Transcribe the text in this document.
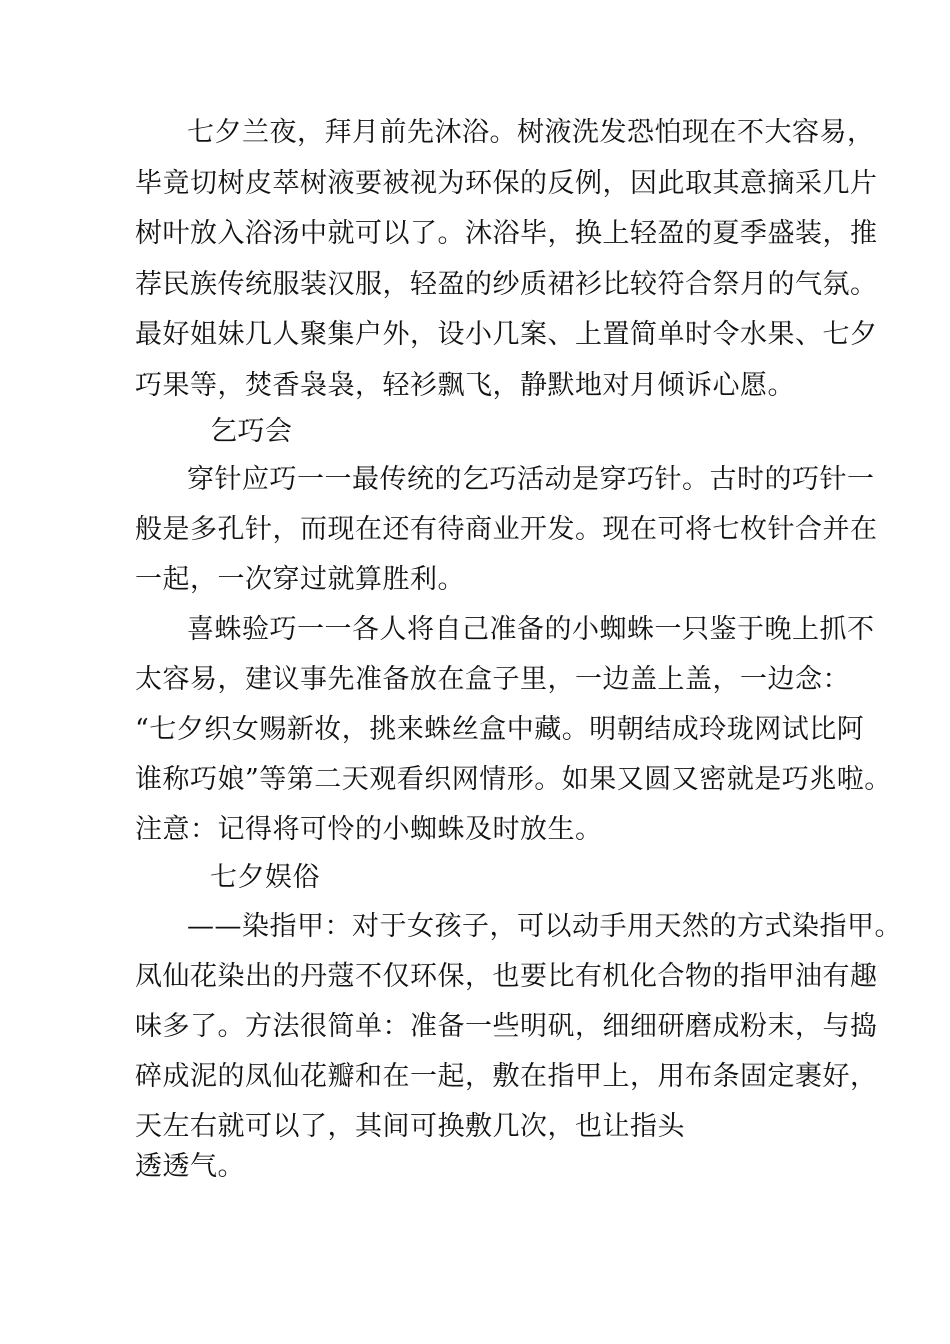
七夕兰夜，拜月前先沐浴。树液洗发恐怕现在不大容易，
毕竟切树皮萃树液要被视为环保的反例，因此取其意摘采几片
树叶放入浴汤中就可以了。沐浴毕，换上轻盈的夏季盛装，推
荐民族传统服装汉服，轻盈的纱质裙衫比较符合祭月的气氛。
最好姐妹几人聚集户外，设小几案、上置简单时令水果、七夕
巧果等，焚香袅袅，轻衫飘飞，静默地对月倾诉心愿。
乞巧会
穿针应巧一一最传统的乞巧活动是穿巧针。古时的巧针一
般是多孔针，而现在还有待商业开发。现在可将七枚针合并在
一起，一次穿过就算胜利。
喜蛛验巧一一各人将自己准备的小蜘蛛一只鉴于晚上抓不
太容易，建议事先准备放在盒子里，一边盖上盖，一边念：
“七夕织女赐新妆，挑来蛛丝盒中藏。明朝结成玲珑网试比阿
谁称巧娘”等第二天观看织网情形。如果又圆又密就是巧兆啦。
注意：记得将可怜的小蜘蛛及时放生。
七夕娱俗
——染指甲：对于女孩子，可以动手用天然的方式染指甲。
凤仙花染出的丹蔻不仅环保，也要比有机化合物的指甲油有趣
味多了。方法很简单：准备一些明矾，细细研磨成粉末，与捣
碎成泥的凤仙花瓣和在一起，敷在指甲上，用布条固定裹好，
天左右就可以了，其间可换敷几次，也让指头
透透气。
